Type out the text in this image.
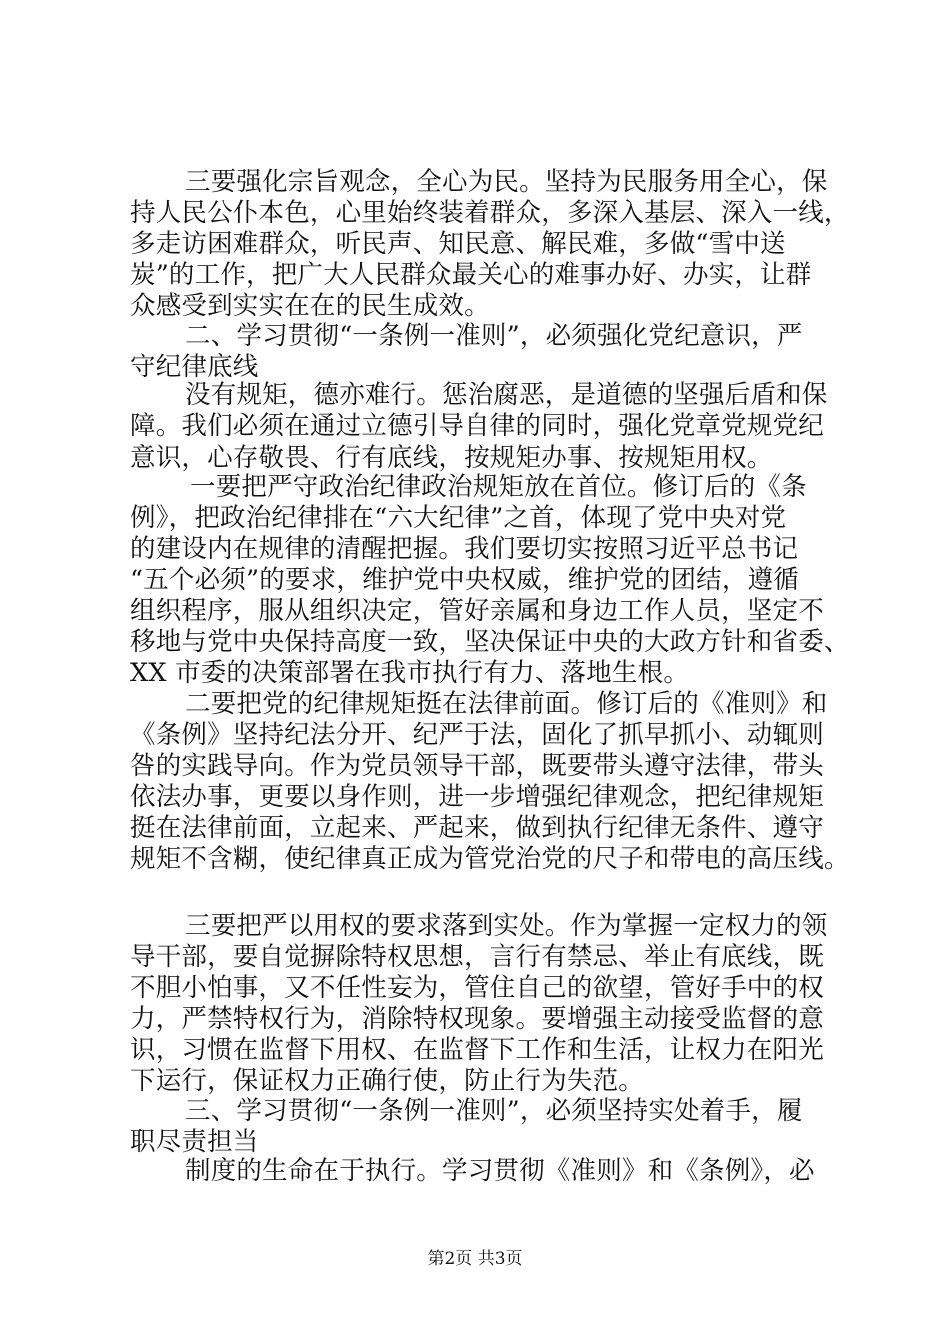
三要强化宗旨观念，全心为民。坚持为民服务用全心，保
持人民公仆本色，心里始终装着群众，多深入基层、深入一线，
多走访困难群众，听民声、知民意、解民难，多做“雪中送
炭”的工作，把广大人民群众最关心的难事办好、办实，让群
众感受到实实在在的民生成效。
二、学习贯彻“一条例一准则”，必须强化党纪意识，严
守纪律底线
没有规矩，德亦难行。惩治腐恶，是道德的坚强后盾和保
障。我们必须在通过立德引导自律的同时，强化党章党规党纪
意识，心存敬畏、行有底线，按规矩办事、按规矩用权。
一要把严守政治纪律政治规矩放在首位。修订后的《条
例》，把政治纪律排在“六大纪律”之首，体现了党中央对党
的建设内在规律的清醒把握。我们要切实按照习近平总书记
“五个必须”的要求，维护党中央权威，维护党的团结，遵循
组织程序，服从组织决定，管好亲属和身边工作人员，坚定不
移地与党中央保持高度一致，坚决保证中央的大政方针和省委、
XX 市委的决策部署在我市执行有力、落地生根。
二要把党的纪律规矩挺在法律前面。修订后的《准则》和
《条例》坚持纪法分开、纪严于法，固化了抓早抓小、动辄则
咎的实践导向。作为党员领导干部，既要带头遵守法律，带头
依法办事，更要以身作则，进一步增强纪律观念，把纪律规矩
挺在法律前面，立起来、严起来，做到执行纪律无条件、遵守
规矩不含糊，使纪律真正成为管党治党的尺子和带电的高压线。
三要把严以用权的要求落到实处。作为掌握一定权力的领
导干部，要自觉摒除特权思想，言行有禁忌、举止有底线，既
不胆小怕事，又不任性妄为，管住自己的欲望，管好手中的权
力，严禁特权行为，消除特权现象。要增强主动接受监督的意
识，习惯在监督下用权、在监督下工作和生活，让权力在阳光
下运行，保证权力正确行使，防止行为失范。
三、学习贯彻“一条例一准则”，必须坚持实处着手，履
职尽责担当
制度的生命在于执行。学习贯彻《准则》和《条例》，必
第2页 共3页
